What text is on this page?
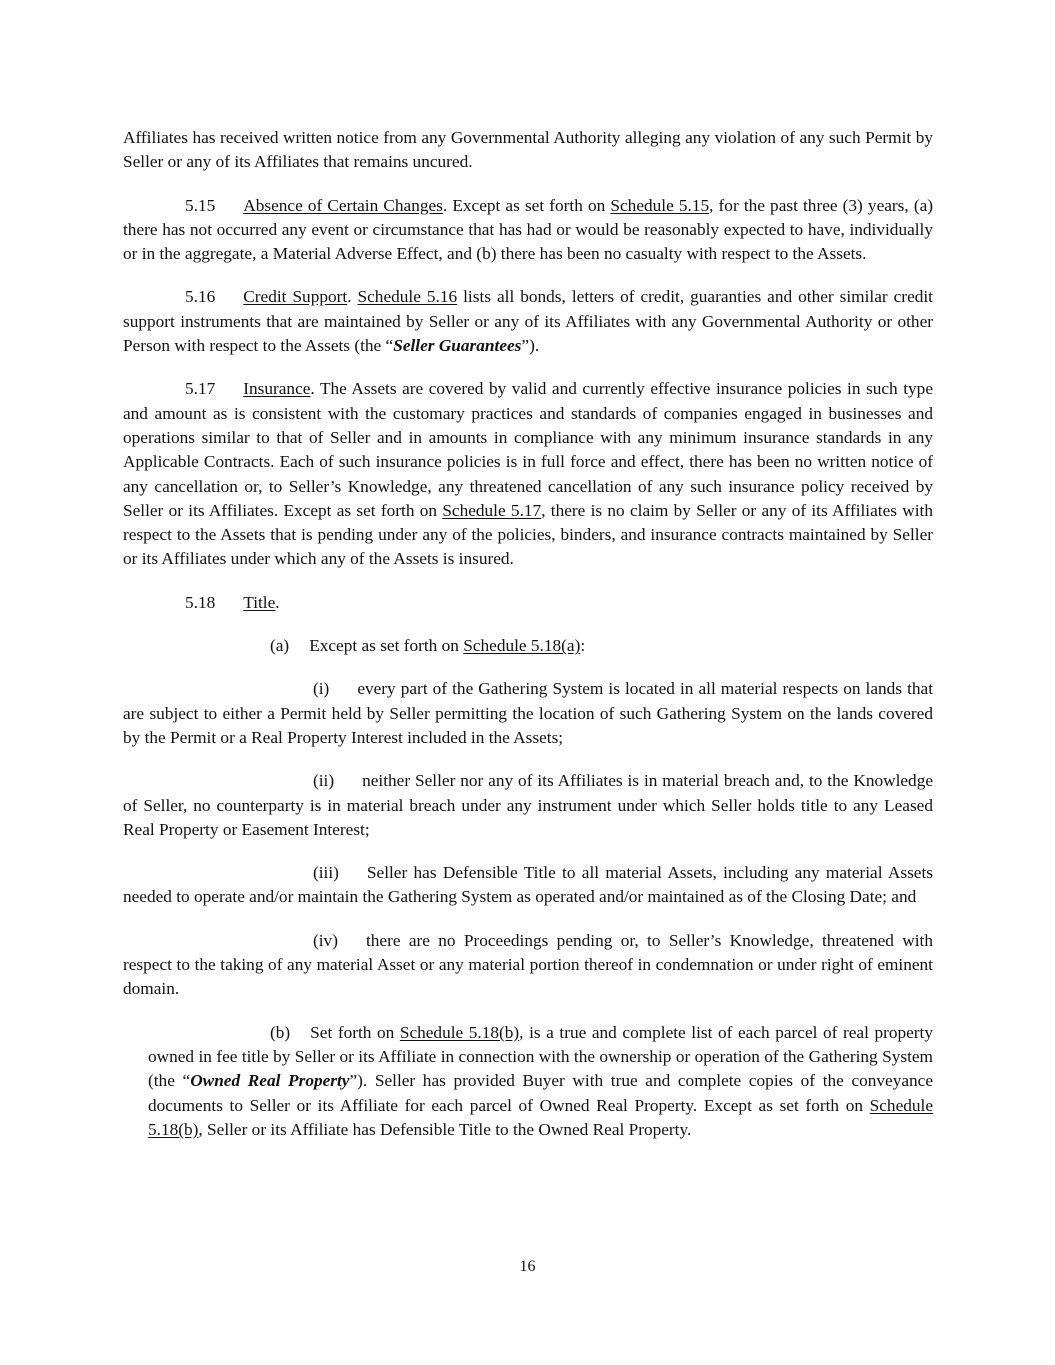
Affiliates has received written notice from any Governmental Authority alleging any violation of any such Permit by Seller or any of its Affiliates that remains uncured.

5.15 Absence of Certain Changes. Except as set forth on Schedule 5.15, for the past three (3) years, (a) there has not occurred any event or circumstance that has had or would be reasonably expected to have, individually or in the aggregate, a Material Adverse Effect, and (b) there has been no casualty with respect to the Assets.

5.16 Credit Support. Schedule 5.16 lists all bonds, letters of credit, guaranties and other similar credit support instruments that are maintained by Seller or any of its Affiliates with any Governmental Authority or other Person with respect to the Assets (the “Seller Guarantees”).

5.17 Insurance. The Assets are covered by valid and currently effective insurance policies in such type and amount as is consistent with the customary practices and standards of companies engaged in businesses and operations similar to that of Seller and in amounts in compliance with any minimum insurance standards in any Applicable Contracts. Each of such insurance policies is in full force and effect, there has been no written notice of any cancellation or, to Seller’s Knowledge, any threatened cancellation of any such insurance policy received by Seller or its Affiliates. Except as set forth on Schedule 5.17, there is no claim by Seller or any of its Affiliates with respect to the Assets that is pending under any of the policies, binders, and insurance contracts maintained by Seller or its Affiliates under which any of the Assets is insured.

5.18 Title.

(a) Except as set forth on Schedule 5.18(a):

(i) every part of the Gathering System is located in all material respects on lands that are subject to either a Permit held by Seller permitting the location of such Gathering System on the lands covered by the Permit or a Real Property Interest included in the Assets;

(ii) neither Seller nor any of its Affiliates is in material breach and, to the Knowledge of Seller, no counterparty is in material breach under any instrument under which Seller holds title to any Leased Real Property or Easement Interest;

(iii) Seller has Defensible Title to all material Assets, including any material Assets needed to operate and/or maintain the Gathering System as operated and/or maintained as of the Closing Date; and

(iv) there are no Proceedings pending or, to Seller’s Knowledge, threatened with respect to the taking of any material Asset or any material portion thereof in condemnation or under right of eminent domain.

(b) Set forth on Schedule 5.18(b), is a true and complete list of each parcel of real property owned in fee title by Seller or its Affiliate in connection with the ownership or operation of the Gathering System (the “Owned Real Property”). Seller has provided Buyer with true and complete copies of the conveyance documents to Seller or its Affiliate for each parcel of Owned Real Property. Except as set forth on Schedule 5.18(b), Seller or its Affiliate has Defensible Title to the Owned Real Property.

16
